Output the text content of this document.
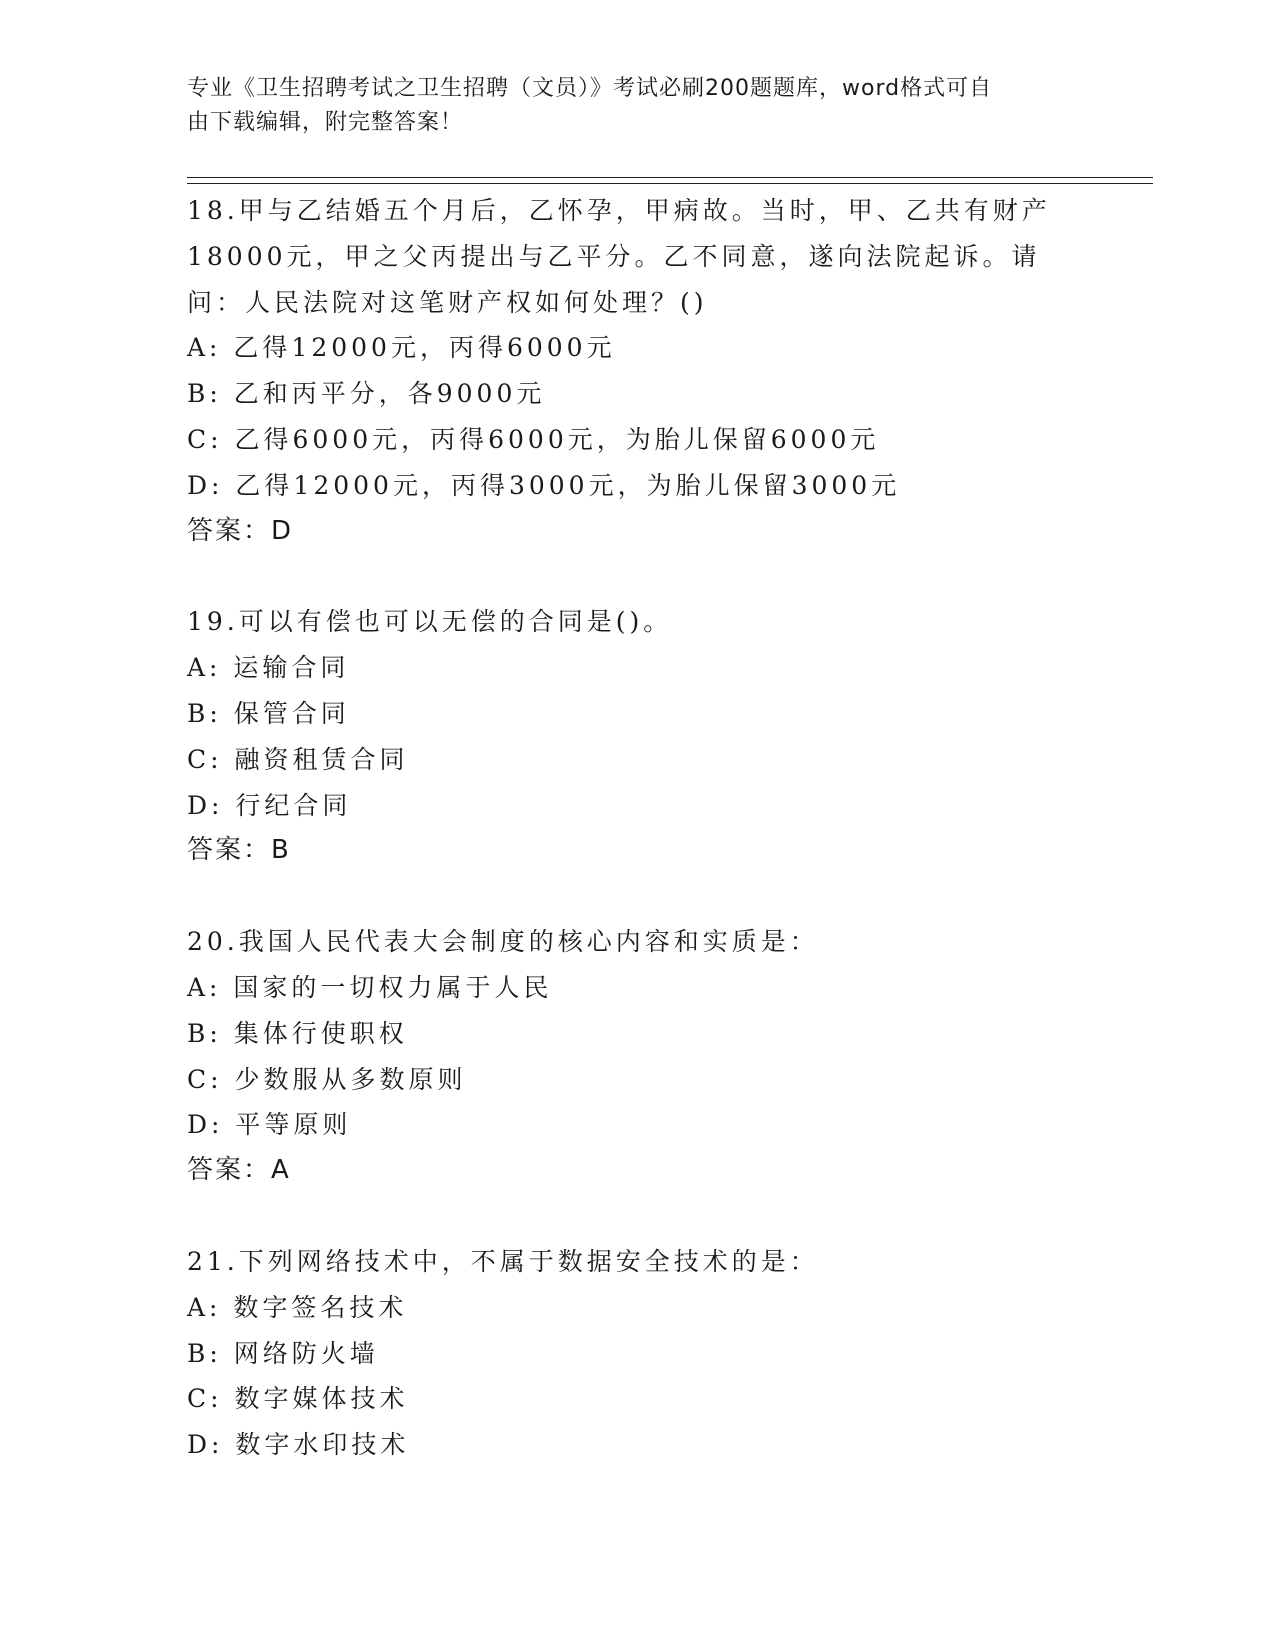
专业《卫生招聘考试之卫生招聘（文员）》考试必刷200题题库，word格式可自
由下载编辑，附完整答案！

18.甲与乙结婚五个月后，乙怀孕，甲病故。当时，甲、乙共有财产18000元，甲之父丙提出与乙平分。乙不同意，遂向法院起诉。请问：人民法院对这笔财产权如何处理？()

A: 乙得12000元，丙得6000元

B: 乙和丙平分，各9000元

C: 乙得6000元，丙得6000元，为胎儿保留6000元

D: 乙得12000元，丙得3000元，为胎儿保留3000元

答案：D

19.可以有偿也可以无偿的合同是()。

A: 运输合同

B: 保管合同

C: 融资租赁合同

D: 行纪合同

答案：B

20.我国人民代表大会制度的核心内容和实质是：

A: 国家的一切权力属于人民

B: 集体行使职权

C: 少数服从多数原则

D: 平等原则

答案：A

21.下列网络技术中，不属于数据安全技术的是：

A: 数字签名技术

B: 网络防火墙

C: 数字媒体技术

D: 数字水印技术
